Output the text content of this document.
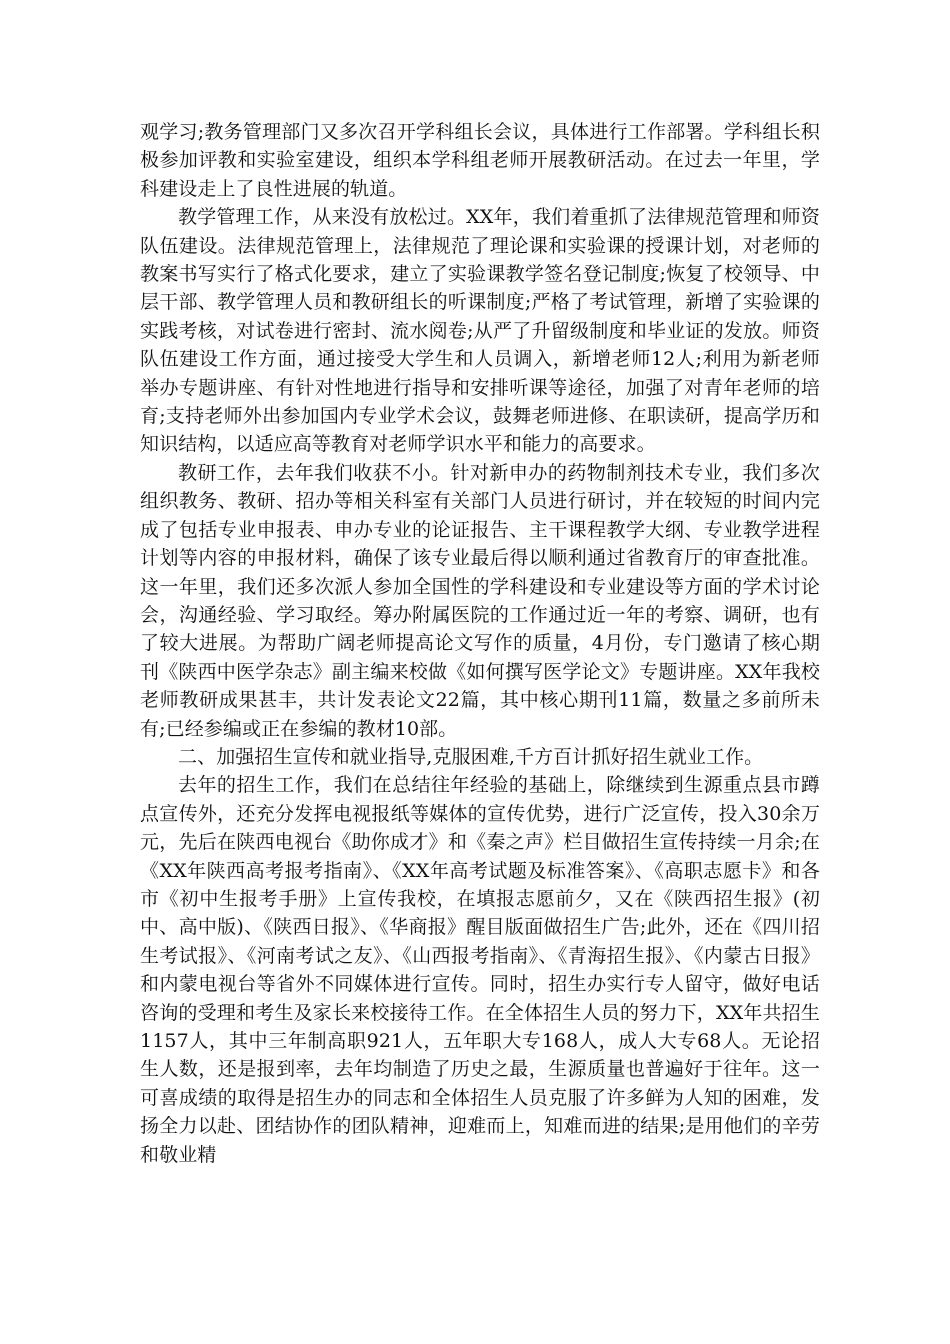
观学习;教务管理部门又多次召开学科组长会议，具体进行工作部署。学科组长积极参加评教和实验室建设，组织本学科组老师开展教研活动。在过去一年里，学科建设走上了良性进展的轨道。

教学管理工作，从来没有放松过。XX年，我们着重抓了法律规范管理和师资队伍建设。法律规范管理上，法律规范了理论课和实验课的授课计划，对老师的教案书写实行了格式化要求，建立了实验课教学签名登记制度;恢复了校领导、中层干部、教学管理人员和教研组长的听课制度;严格了考试管理，新增了实验课的实践考核，对试卷进行密封、流水阅卷;从严了升留级制度和毕业证的发放。师资队伍建设工作方面，通过接受大学生和人员调入，新增老师12人;利用为新老师举办专题讲座、有针对性地进行指导和安排听课等途径，加强了对青年老师的培育;支持老师外出参加国内专业学术会议，鼓舞老师进修、在职读研，提高学历和知识结构，以适应高等教育对老师学识水平和能力的高要求。

教研工作，去年我们收获不小。针对新申办的药物制剂技术专业，我们多次组织教务、教研、招办等相关科室有关部门人员进行研讨，并在较短的时间内完成了包括专业申报表、申办专业的论证报告、主干课程教学大纲、专业教学进程计划等内容的申报材料，确保了该专业最后得以顺利通过省教育厅的审查批准。这一年里，我们还多次派人参加全国性的学科建设和专业建设等方面的学术讨论会，沟通经验、学习取经。筹办附属医院的工作通过近一年的考察、调研，也有了较大进展。为帮助广阔老师提高论文写作的质量，4月份，专门邀请了核心期刊《陕西中医学杂志》副主编来校做《如何撰写医学论文》专题讲座。XX年我校老师教研成果甚丰，共计发表论文22篇，其中核心期刊11篇，数量之多前所未有;已经参编或正在参编的教材10部。

二、加强招生宣传和就业指导,克服困难,千方百计抓好招生就业工作。

去年的招生工作，我们在总结往年经验的基础上，除继续到生源重点县市蹲点宣传外，还充分发挥电视报纸等媒体的宣传优势，进行广泛宣传，投入30余万元，先后在陕西电视台《助你成才》和《秦之声》栏目做招生宣传持续一月余;在《XX年陕西高考报考指南》、《XX年高考试题及标准答案》、《高职志愿卡》和各市《初中生报考手册》上宣传我校，在填报志愿前夕，又在《陕西招生报》(初中、高中版)、《陕西日报》、《华商报》醒目版面做招生广告;此外，还在《四川招生考试报》、《河南考试之友》、《山西报考指南》、《青海招生报》、《内蒙古日报》和内蒙电视台等省外不同媒体进行宣传。同时，招生办实行专人留守，做好电话咨询的受理和考生及家长来校接待工作。在全体招生人员的努力下，XX年共招生1157人，其中三年制高职921人，五年职大专168人，成人大专68人。无论招生人数，还是报到率，去年均制造了历史之最，生源质量也普遍好于往年。这一可喜成绩的取得是招生办的同志和全体招生人员克服了许多鲜为人知的困难，发扬全力以赴、团结协作的团队精神，迎难而上，知难而进的结果;是用他们的辛劳和敬业精
